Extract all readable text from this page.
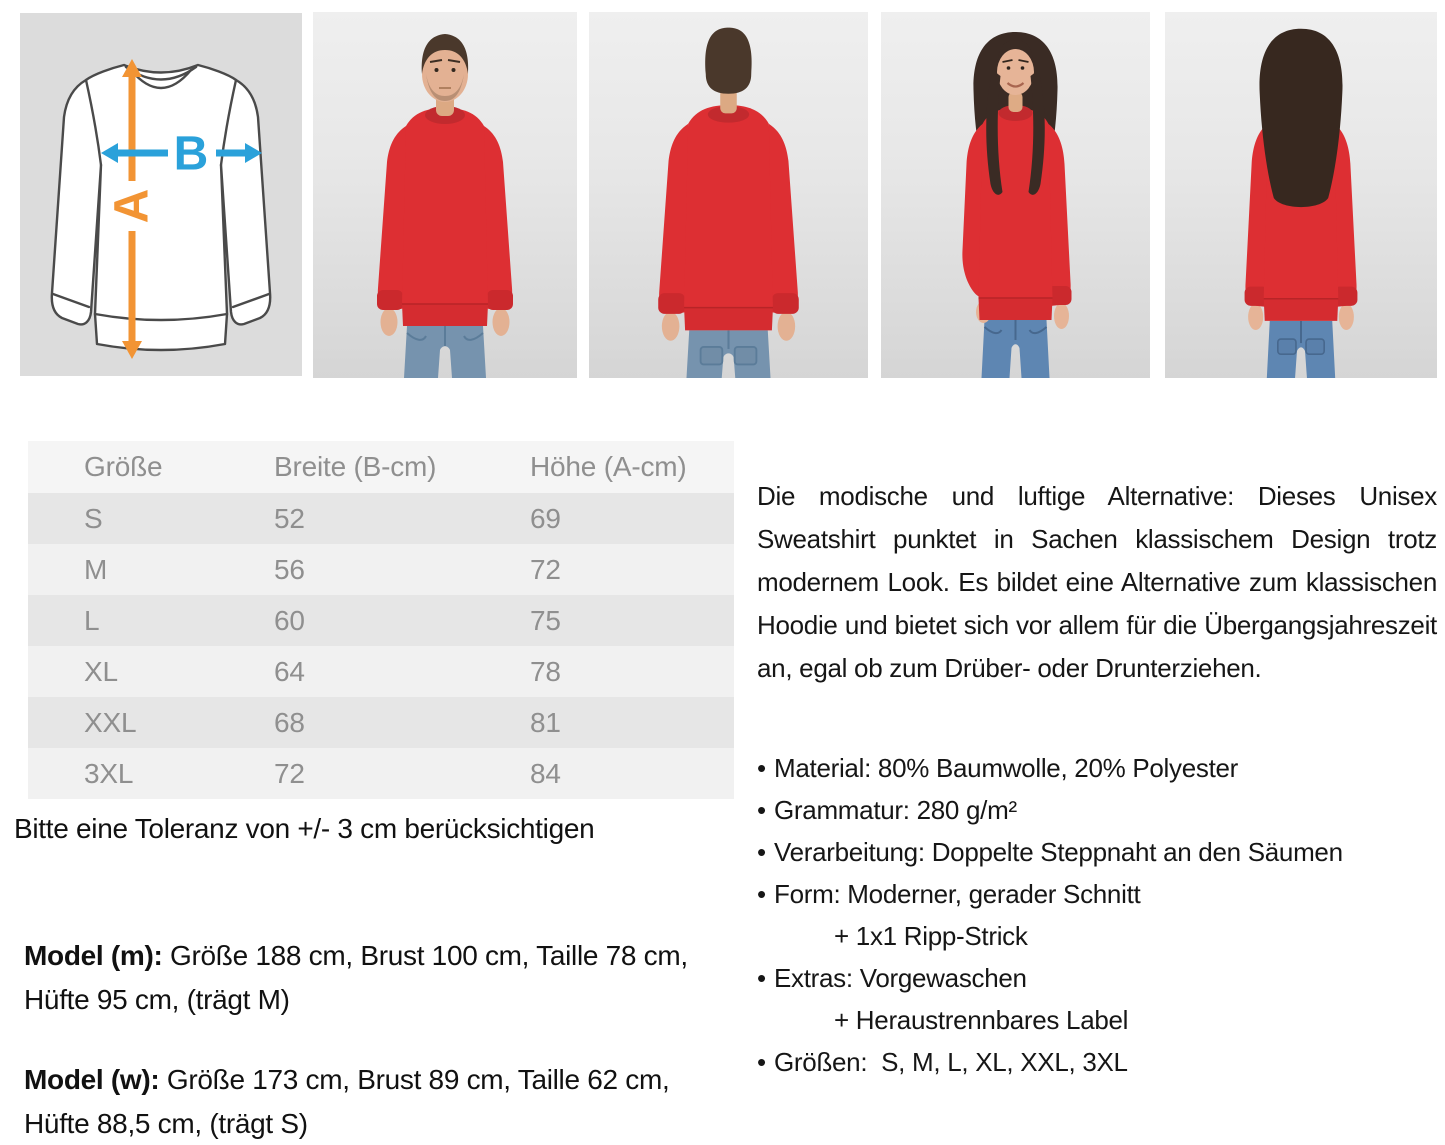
A
B
Größe	Breite (B-cm)	Höhe (A-cm)
S	52	69
M	56	72
L	60	75
XL	64	78
XXL	68	81
3XL	72	84
Bitte eine Toleranz von +/- 3 cm berücksichtigen

Model (m): Größe 188 cm, Brust 100 cm, Taille 78 cm, Hüfte 95 cm, (trägt M)

Model (w): Größe 173 cm, Brust 89 cm, Taille 62 cm, Hüfte 88,5 cm, (trägt S)

Die modische und luftige Alternative: Dieses Unisex Sweatshirt punktet in Sachen klassischem Design trotz modernem Look. Es bildet eine Alternative zum klassischen Hoodie und bietet sich vor allem für die Übergangsjahreszeit an, egal ob zum Drüber- oder Drunterziehen.

• Material: 80% Baumwolle, 20% Polyester
• Grammatur: 280 g/m²
• Verarbeitung: Doppelte Steppnaht an den Säumen
• Form: Moderner, gerader Schnitt
+ 1x1 Ripp-Strick
• Extras: Vorgewaschen
+ Heraustrennbares Label
• Größen:  S, M, L, XL, XXL, 3XL
